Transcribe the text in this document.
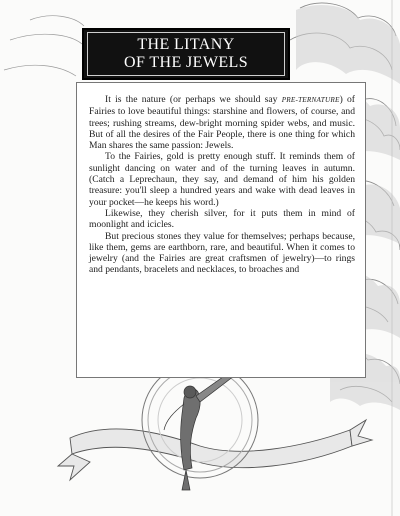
THE LITANY
OF THE JEWELS

It is the nature (or perhaps we should say PRE-TERNATURE) of Fairies to love beautiful things: starshine and flowers, of course, and trees; rushing streams, dew-bright morning spider webs, and music. But of all the desires of the Fair People, there is one thing for which Man shares the same passion: Jewels.

To the Fairies, gold is pretty enough stuff. It reminds them of sunlight dancing on water and of the turning leaves in autumn. (Catch a Leprechaun, they say, and demand of him his golden treasure: you'll sleep a hundred years and wake with dead leaves in your pocket—he keeps his word.)

Likewise, they cherish silver, for it puts them in mind of moonlight and icicles.

But precious stones they value for themselves; perhaps because, like them, gems are earthborn, rare, and beautiful. When it comes to jewelry (and the Fairies are great craftsmen of jewelry)—to rings and pendants, bracelets and necklaces, to broaches and
